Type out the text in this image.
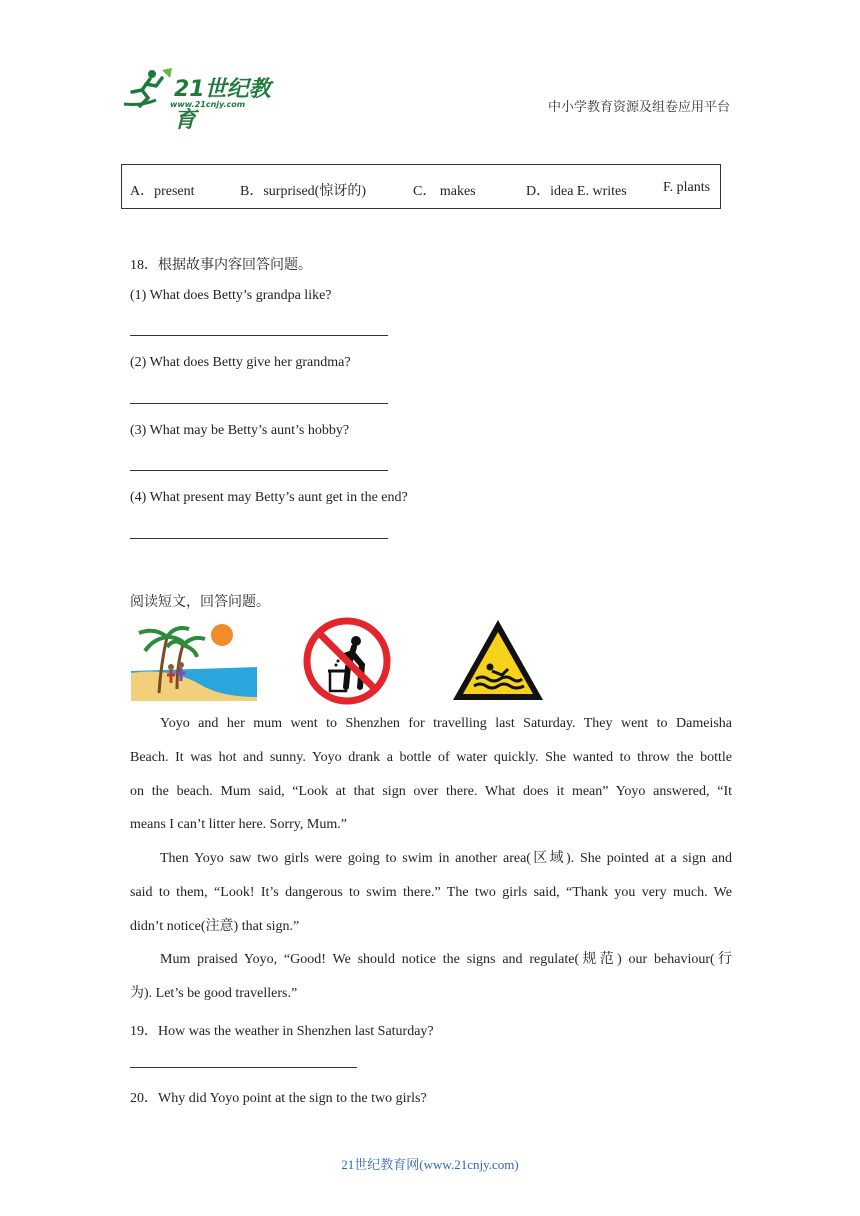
21世纪教育
www.21cnjy.com	中小学教育资源及组卷应用平台
A．present	B．surprised(惊讶的)	C． makes	D．idea E. writes	F. plants
18．根据故事内容回答问题。
(1) What does Betty’s grandpa like?
(2) What does Betty give her grandma?
(3) What may be Betty’s aunt’s hobby?
(4) What present may Betty’s aunt get in the end?
阅读短文，回答问题。
Yoyo and her mum went to Shenzhen for travelling last Saturday. They went to Dameisha
Beach. It was hot and sunny. Yoyo drank a bottle of water quickly. She wanted to throw the bottle
on the beach. Mum said, “Look at that sign over there. What does it mean” Yoyo answered, “It
means I can’t litter here. Sorry, Mum.”
Then Yoyo saw two girls were going to swim in another area(区域). She pointed at a sign and
said to them, “Look! It’s dangerous to swim there.” The two girls said, “Thank you very much. We
didn’t notice(注意) that sign.”
Mum praised Yoyo, “Good! We should notice the signs and regulate(规范) our behaviour(行
为). Let’s be good travellers.”
19．How was the weather in Shenzhen last Saturday?
20．Why did Yoyo point at the sign to the two girls?
21世纪教育网(www.21cnjy.com)
